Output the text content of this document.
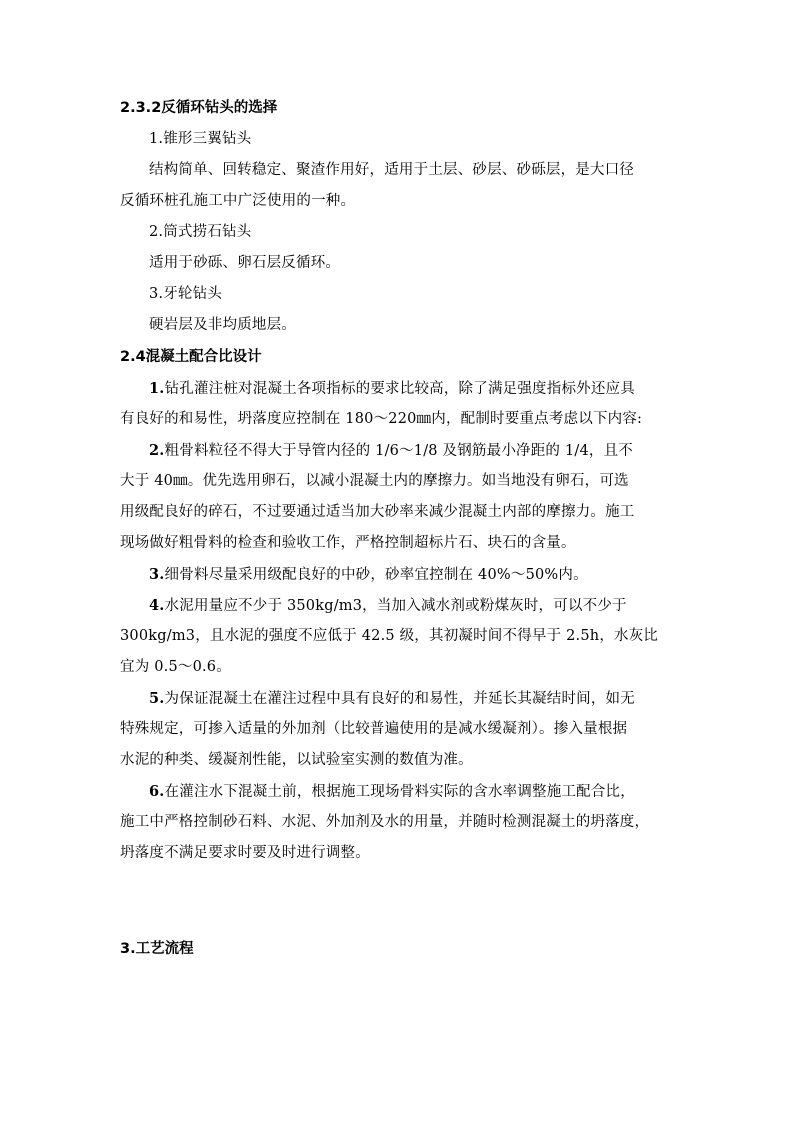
2.3.2反循环钻头的选择
1.锥形三翼钻头
结构简单、回转稳定、聚渣作用好，适用于土层、砂层、砂砾层，是大口径
反循环桩孔施工中广泛使用的一种。
2.筒式捞石钻头
适用于砂砾、卵石层反循环。
3.牙轮钻头
硬岩层及非均质地层。
2.4混凝土配合比设计
1.钻孔灌注桩对混凝土各项指标的要求比较高，除了满足强度指标外还应具
有良好的和易性，坍落度应控制在 180～220㎜内，配制时要重点考虑以下内容:
2.粗骨料粒径不得大于导管内径的 1/6～1/8 及钢筋最小净距的 1/4，且不
大于 40㎜。优先选用卵石，以减小混凝土内的摩擦力。如当地没有卵石，可选
用级配良好的碎石，不过要通过适当加大砂率来减少混凝土内部的摩擦力。施工
现场做好粗骨料的检查和验收工作，严格控制超标片石、块石的含量。
3.细骨料尽量采用级配良好的中砂，砂率宜控制在 40%～50%内。
4.水泥用量应不少于 350kg/m3，当加入减水剂或粉煤灰时，可以不少于
300kg/m3，且水泥的强度不应低于 42.5 级，其初凝时间不得早于 2.5h，水灰比
宜为 0.5～0.6。
5.为保证混凝土在灌注过程中具有良好的和易性，并延长其凝结时间，如无
特殊规定，可掺入适量的外加剂（比较普遍使用的是减水缓凝剂）。掺入量根据
水泥的种类、缓凝剂性能，以试验室实测的数值为准。
6.在灌注水下混凝土前，根据施工现场骨料实际的含水率调整施工配合比，
施工中严格控制砂石料、水泥、外加剂及水的用量，并随时检测混凝土的坍落度，
坍落度不满足要求时要及时进行调整。
3.工艺流程
